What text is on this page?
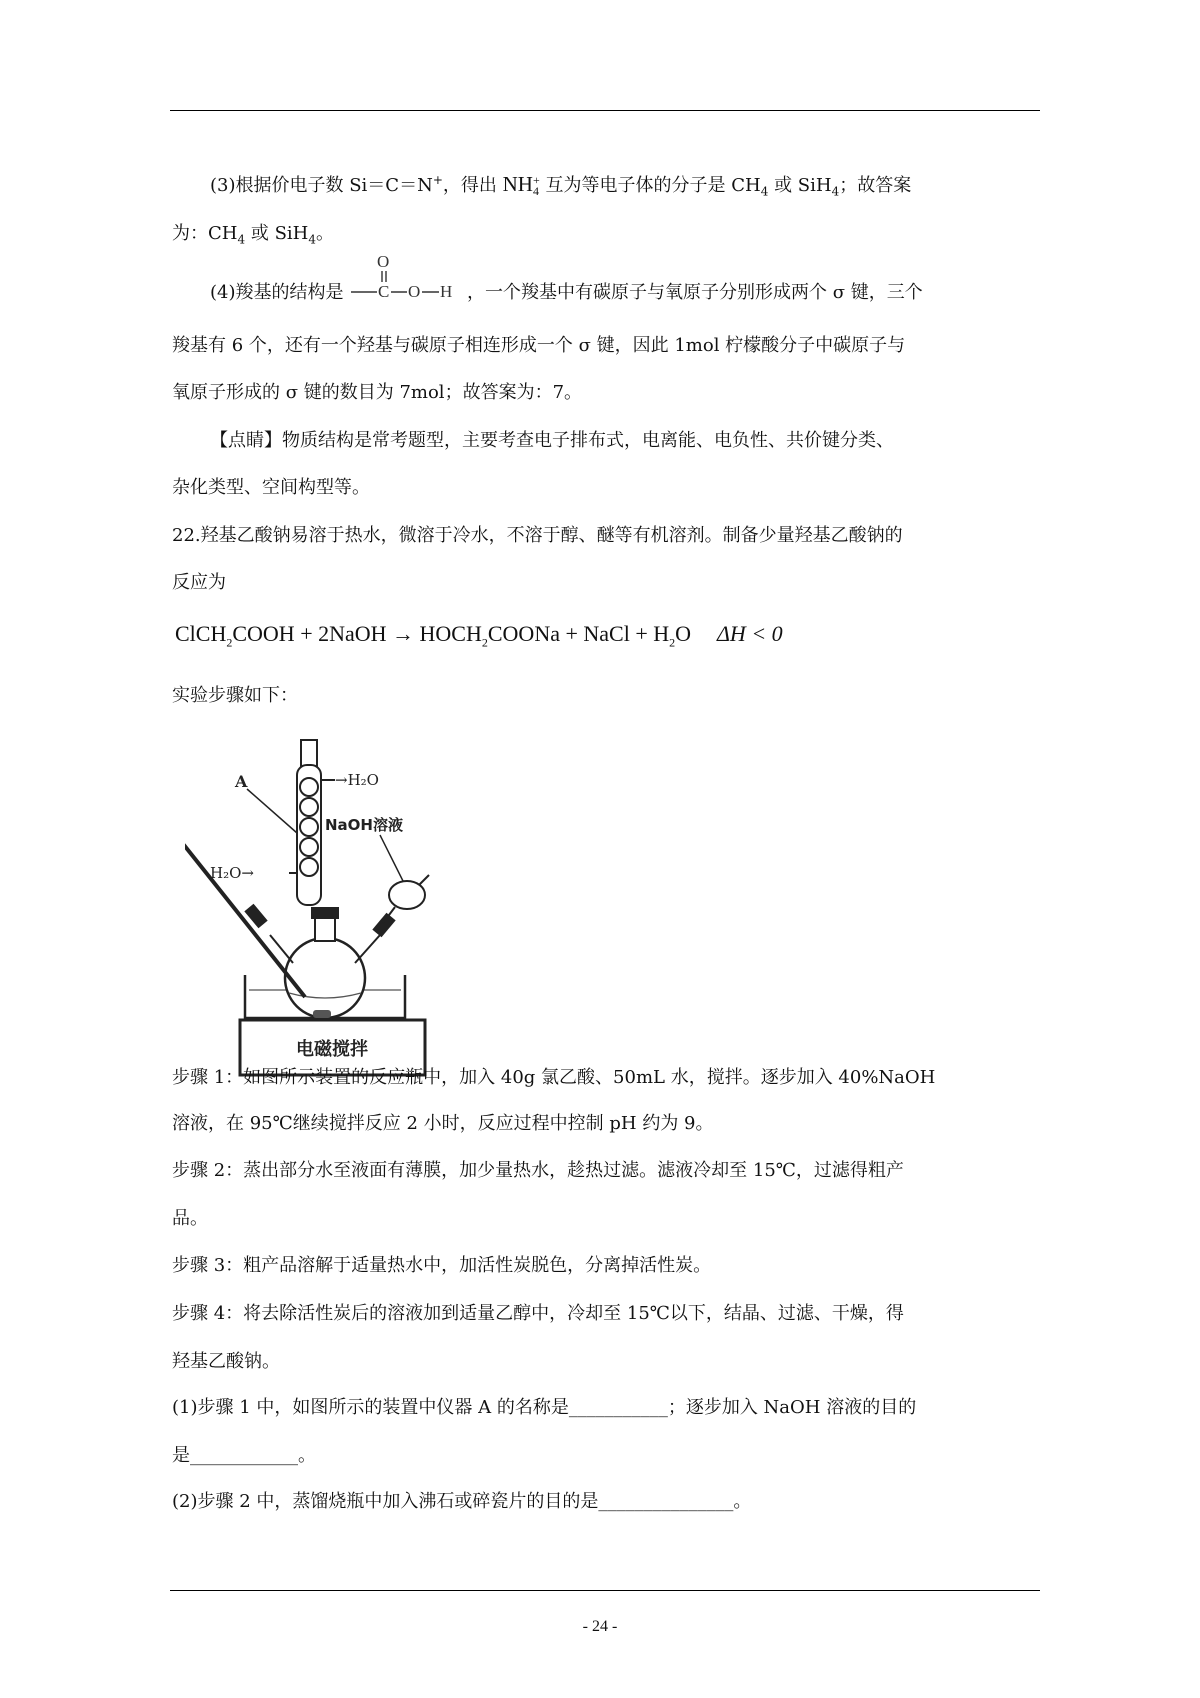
(3)根据价电子数 Si＝C＝N+，得出 NH +
4 互为等电子体的分子是 $CH_4$ 或 SiH$_4$；故答案
为：$CH_4$ 或 SiH$_4$。
(4)羧基的结构是 C
O
O H ，一个羧基中有碳原子与氧原子分别形成两个 σ 键，三个
羧基有 6 个，还有一个羟基与碳原子相连形成一个 σ 键，因此 1mol 柠檬酸分子中碳原子与
氧原子形成的 σ 键的数目为 7mol；故答案为：7。
【点睛】物质结构是常考题型，主要考查电子排布式，电离能、电负性、共价键分类、
杂化类型、空间构型等。
22.羟基乙酸钠易溶于热水，微溶于冷水，不溶于醇、醚等有机溶剂。制备少量羟基乙酸钠的
反应为
ClCH$_2$COOH + 2NaOH → $HOCH_2COONa$ + NaCl + $H_2O$ ΔH < 0
实验步骤如下：
电磁搅拌
→H₂O
H₂O→
A
NaOH溶液
步骤 1：如图所示装置的反应瓶中，加入 40g 氯乙酸、50mL 水，搅拌。逐步加入 40%NaOH
溶液，在 95℃继续搅拌反应 2 小时，反应过程中控制 pH 约为 9。
步骤 2：蒸出部分水至液面有薄膜，加少量热水，趁热过滤。滤液冷却至 15℃，过滤得粗产
品。
步骤 3：粗产品溶解于适量热水中，加活性炭脱色，分离掉活性炭。
步骤 4：将去除活性炭后的溶液加到适量乙醇中，冷却至 15℃以下，结晶、过滤、干燥，得
羟基乙酸钠。
(1)步骤 1 中，如图所示的装置中仪器 A 的名称是___________；逐步加入 NaOH 溶液的目的
是____________。
(2)步骤 2 中，蒸馏烧瓶中加入沸石或碎瓷片的目的是_______________。
- 24 -
